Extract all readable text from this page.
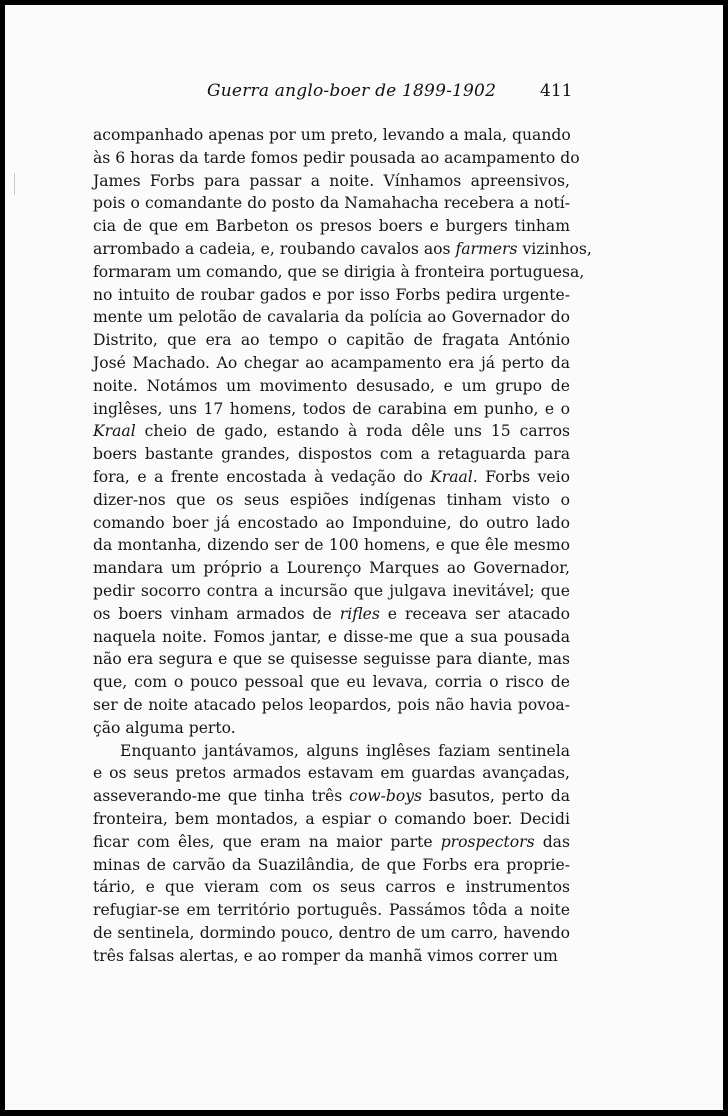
Guerra anglo-boer de 1899-1902	411
acompanhado apenas por um preto, levando a mala, quando
às 6 horas da tarde fomos pedir pousada ao acampamento do
James Forbs para passar a noite. Vínhamos apreensivos,
pois o comandante do posto da Namahacha recebera a notí-
cia de que em Barbeton os presos boers e burgers tinham
arrombado a cadeia, e, roubando cavalos aos farmers vizinhos,
formaram um comando, que se dirigia à fronteira portuguesa,
no intuito de roubar gados e por isso Forbs pedira urgente-
mente um pelotão de cavalaria da polícia ao Governador do
Distrito, que era ao tempo o capitão de fragata António
José Machado. Ao chegar ao acampamento era já perto da
noite. Notámos um movimento desusado, e um grupo de
inglêses, uns 17 homens, todos de carabina em punho, e o
Kraal cheio de gado, estando à roda dêle uns 15 carros
boers bastante grandes, dispostos com a retaguarda para
fora, e a frente encostada à vedação do Kraal. Forbs veio
dizer-nos que os seus espiões indígenas tinham visto o
comando boer já encostado ao Imponduine, do outro lado
da montanha, dizendo ser de 100 homens, e que êle mesmo
mandara um próprio a Lourenço Marques ao Governador,
pedir socorro contra a incursão que julgava inevitável; que
os boers vinham armados de rifles e receava ser atacado
naquela noite. Fomos jantar, e disse-me que a sua pousada
não era segura e que se quisesse seguisse para diante, mas
que, com o pouco pessoal que eu levava, corria o risco de
ser de noite atacado pelos leopardos, pois não havia povoa-
ção alguma perto.
Enquanto jantávamos, alguns inglêses faziam sentinela
e os seus pretos armados estavam em guardas avançadas,
asseverando-me que tinha três cow-boys basutos, perto da
fronteira, bem montados, a espiar o comando boer. Decidi
ficar com êles, que eram na maior parte prospectors das
minas de carvão da Suazilândia, de que Forbs era proprie-
tário, e que vieram com os seus carros e instrumentos
refugiar-se em território português. Passámos tôda a noite
de sentinela, dormindo pouco, dentro de um carro, havendo
três falsas alertas, e ao romper da manhã vimos correr um
